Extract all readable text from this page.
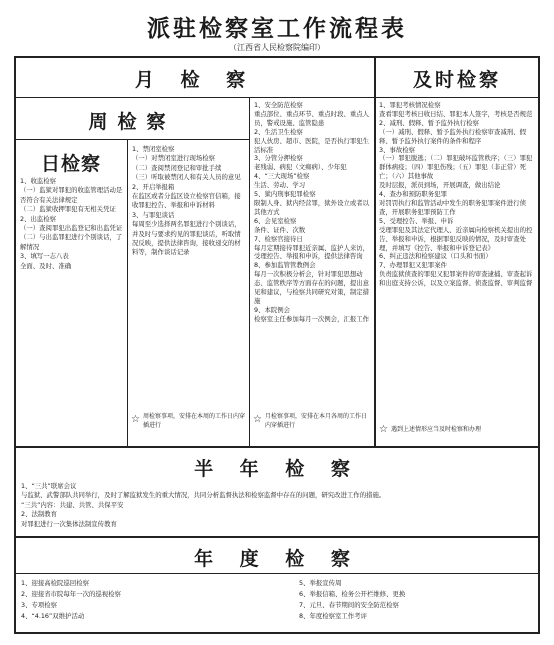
派驻检察室工作流程表
（江西省人民检察院编印）
月 检 察
周检察
日检察
1、收监检察
（一）监狱对罪犯的收监管理活动是否符合有关法律规定
（二）监狱收押罪犯有无相关凭证
2、出监检察
（一）查阅罪犯出监登记和出监凭证
（二）与出监罪犯进行个别谈话，了解情况
3、填写一志八表
全面、及时、准确
1、禁闭室检察
（一）对禁闭室进行现场检察
（二）查阅禁闭登记和审批手续
（三）听取被禁闭人和有关人员的意见
2、开启举报箱
在监区或者分监区设立检察官信箱，接收罪犯控告、举报和申诉材料
3、与罪犯谈话
每周至少选择两名罪犯进行个别谈话，并及时与要求约见的罪犯谈话，听取情况反映，提供法律咨询，接收递交的材料等，制作谈话记录
☆ 周检察事项，安排在本周的工作日内穿插进行
1、安全防范检察
重点部位、重点环节、重点时段、重点人员，警戒设施、监管隐患
2、生活卫生检察
犯人伙房、超市、医院，是否执行罪犯生活标准
3、分管分押检察
老残弱、病犯（文痴病）、少年犯
4、“三大现场”检察
生活、劳动、学习
5、狱内刑事犯罪检察
限制人身、狱内经营罪，狱外设立或者以其他方式
6、会见室检察
条件、证件、次数
7、检察官接待日
每月定期接待罪犯近亲属、监护人来访，受理控告、举报和申诉，提供法律咨询
8、参加监管管教例会
每月一次积极分析会，针对罪犯思想动态、监管秩序等方面存在的问题，提出意见和建议，与检察共同研究对策，制定措施
9、本院例会
检察室主任参加每月一次例会，汇报工作
☆ 月检察事项，安排在本月各周的工作日内穿插进行
及时检察
1、罪犯考核情况检察
查看罪犯考核日收日结、罪犯本人签字，考核是否规范
2、减刑、假释、暂予监外执行检察
（一）减刑、假释、暂予监外执行检察审查减刑、假释、暂予监外执行案件的条件和程序
3、事故检察
（一）罪犯脱逃；（二）罪犯破坏监管秩序；（三）罪犯群体病疫；（四）罪犯伤残；（五）罪犯（非正常）死亡；（六）其他事故
及时层报，派员到场，开展调查，做出结论
4、查办和预防职务犯罪
对罚罚执行和监管活动中发生的职务犯罪案件进行侦查，开展职务犯罪预防工作
5、受理控告、举报、申诉
受理罪犯及其法定代理人、近亲属向检察机关提出的控告、举报和申诉，根据罪犯反映的情况，及时审查处理，并填写《控告、举报和申诉登记表》
6、纠正违法和检察建议（口头和书面）
7、办理罪犯又犯罪案件
负责监狱侦查的罪犯又犯罪案件的审查逮捕、审查起诉和出庭支持公诉，以及立案监督、侦查监督、审判监督
☆ 遇到上述情形应当及时检察和办理
半 年 检 察
1、“三共”联席会议
与监狱、武警部队共同举行，及时了解监狱发生的重大情况，共同分析监督执法和检察监督中存在的问题，研究改进工作的措施。
“三共”内容：共建、共管、共保平安
2、法制教育
对罪犯进行一次集体法制宣传教育
年 度 检 察
1、迎接高检院巡回检察
2、迎接省市院每年一次的巡视检察
3、专项检察
4、“4.16”双维护活动
5、举报宣传周
6、举报信箱、检务公开栏维修、更换
7、元旦、春节期间的安全防范检察
8、年度检察室工作考评
